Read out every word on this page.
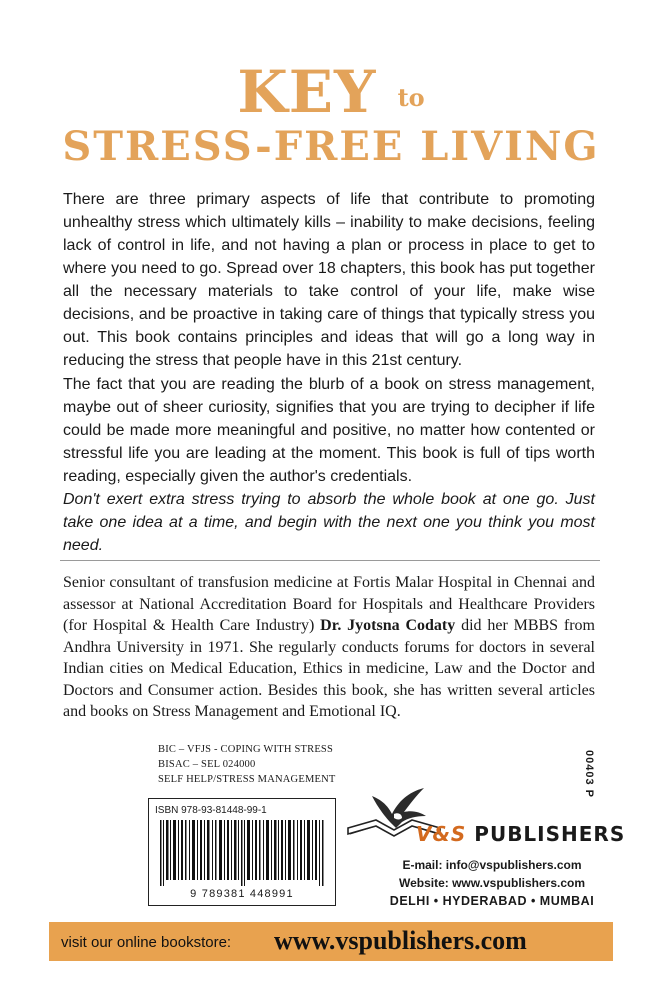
KEY to
STRESS-FREE LIVING

There are three primary aspects of life that contribute to promoting unhealthy stress which ultimately kills – inability to make decisions, feeling lack of control in life, and not having a plan or process in place to get to where you need to go. Spread over 18 chapters, this book has put together all the necessary materials to take control of your life, make wise decisions, and be proactive in taking care of things that typically stress you out. This book contains principles and ideas that will go a long way in reducing the stress that people have in this 21st century.

The fact that you are reading the blurb of a book on stress management, maybe out of sheer curiosity, signifies that you are trying to decipher if life could be made more meaningful and positive, no matter how contented or stressful life you are leading at the moment. This book is full of tips worth reading, especially given the author's credentials.

Don't exert extra stress trying to absorb the whole book at one go. Just take one idea at a time, and begin with the next one you think you most need.

Senior consultant of transfusion medicine at Fortis Malar Hospital in Chennai and assessor at National Accreditation Board for Hospitals and Healthcare Providers (for Hospital & Health Care Industry) Dr. Jyotsna Codaty did her MBBS from Andhra University in 1971. She regularly conducts forums for doctors in several Indian cities on Medical Education, Ethics in medicine, Law and the Doctor and Doctors and Consumer action. Besides this book, she has written several articles and books on Stress Management and Emotional IQ.

BIC – VFJS - COPING WITH STRESS
BISAC – SEL 024000
SELF HELP/STRESS MANAGEMENT
ISBN 978-93-81448-99-1
9 789381 448991
00403 P
V&S PUBLISHERS
E-mail: info@vspublishers.com
Website: www.vspublishers.com
DELHI • HYDERABAD • MUMBAI
visit our online bookstore: www.vspublishers.com
